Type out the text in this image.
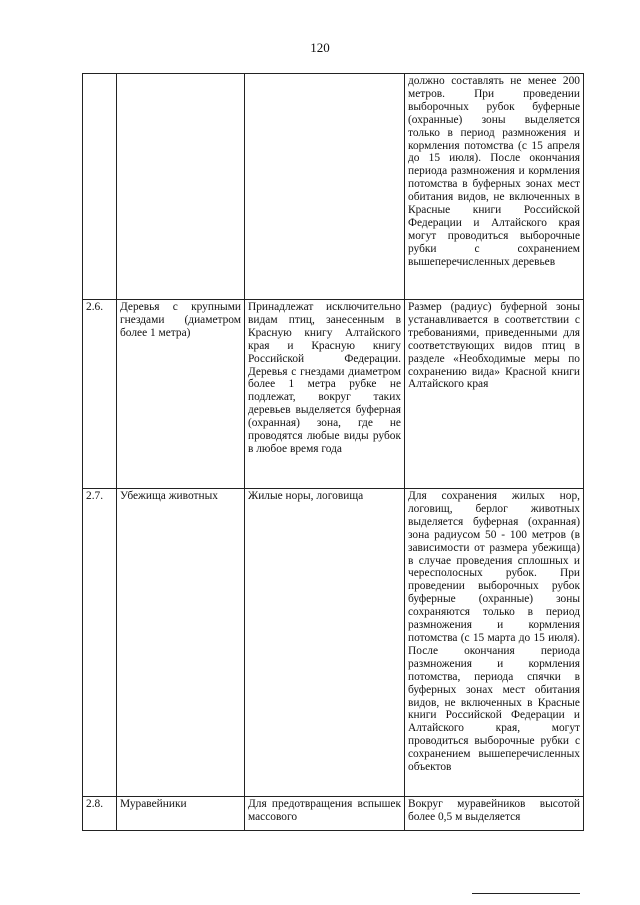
120
			должно составлять не менее 200 метров. При проведении выборочных рубок буферные (охранные) зоны выделяется только в период размножения и кормления потомства (с 15 апреля до 15 июля). После окончания периода размножения и кормления потомства в буферных зонах мест обитания видов, не включенных в Красные книги Российской Федерации и Алтайского края могут проводиться выборочные рубки с сохранением вышеперечисленных деревьев
2.6.	Деревья с крупными гнездами (диаметром более 1 метра)	Принадлежат исключительно видам птиц, занесенным в Красную книгу Алтайского края и Красную книгу Российской Федерации. Деревья с гнездами диаметром более 1 метра рубке не подлежат, вокруг таких деревьев выделяется буферная (охранная) зона, где не проводятся любые виды рубок в любое время года	Размер (радиус) буферной зоны устанавливается в соответствии с требованиями, приведенными для соответствующих видов птиц в разделе «Необходимые меры по сохранению вида» Красной книги Алтайского края
2.7.	Убежища животных	Жилые норы, логовища	Для сохранения жилых нор, логовищ, берлог животных выделяется буферная (охранная) зона радиусом 50 - 100 метров (в зависимости от размера убежища) в случае проведения сплошных и чересполосных рубок. При проведении выборочных рубок буферные (охранные) зоны сохраняются только в период размножения и кормления потомства (с 15 марта до 15 июля). После окончания периода размножения и кормления потомства, периода спячки в буферных зонах мест обитания видов, не включенных в Красные книги Российской Федерации и Алтайского края, могут проводиться выборочные рубки с сохранением вышеперечисленных объектов
2.8.	Муравейники	Для предотвращения вспышек массового	Вокруг муравейников высотой более 0,5 м выделяется
